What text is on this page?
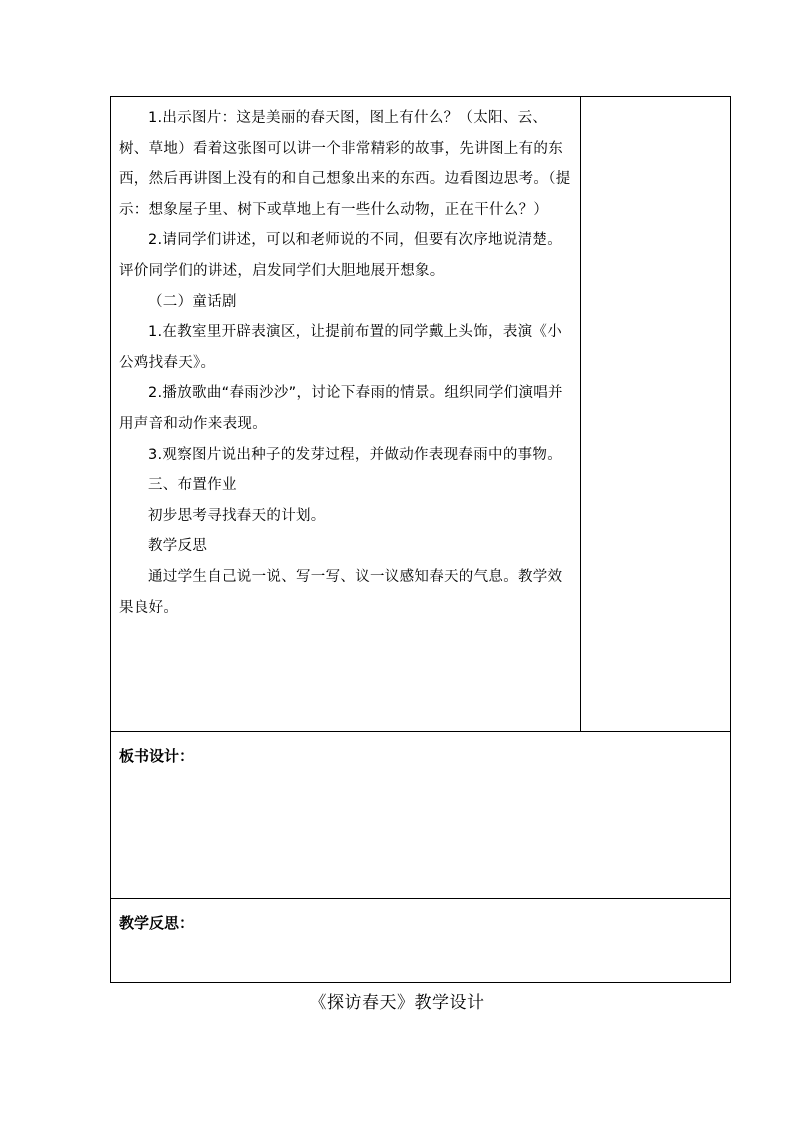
1.出示图片：这是美丽的春天图，图上有什么？（太阳、云、树、草地）看着这张图可以讲一个非常精彩的故事，先讲图上有的东西，然后再讲图上没有的和自己想象出来的东西。边看图边思考。（提示：想象屋子里、树下或草地上有一些什么动物，正在干什么？）

2.请同学们讲述，可以和老师说的不同，但要有次序地说清楚。评价同学们的讲述，启发同学们大胆地展开想象。

（二）童话剧

1.在教室里开辟表演区，让提前布置的同学戴上头饰，表演《小公鸡找春天》。

2.播放歌曲“春雨沙沙”，讨论下春雨的情景。组织同学们演唱并用声音和动作来表现。

3.观察图片说出种子的发芽过程，并做动作表现春雨中的事物。

三、布置作业

初步思考寻找春天的计划。

教学反思

通过学生自己说一说、写一写、议一议感知春天的气息。教学效果良好。

板书设计：

教学反思：
《探访春天》教学设计
